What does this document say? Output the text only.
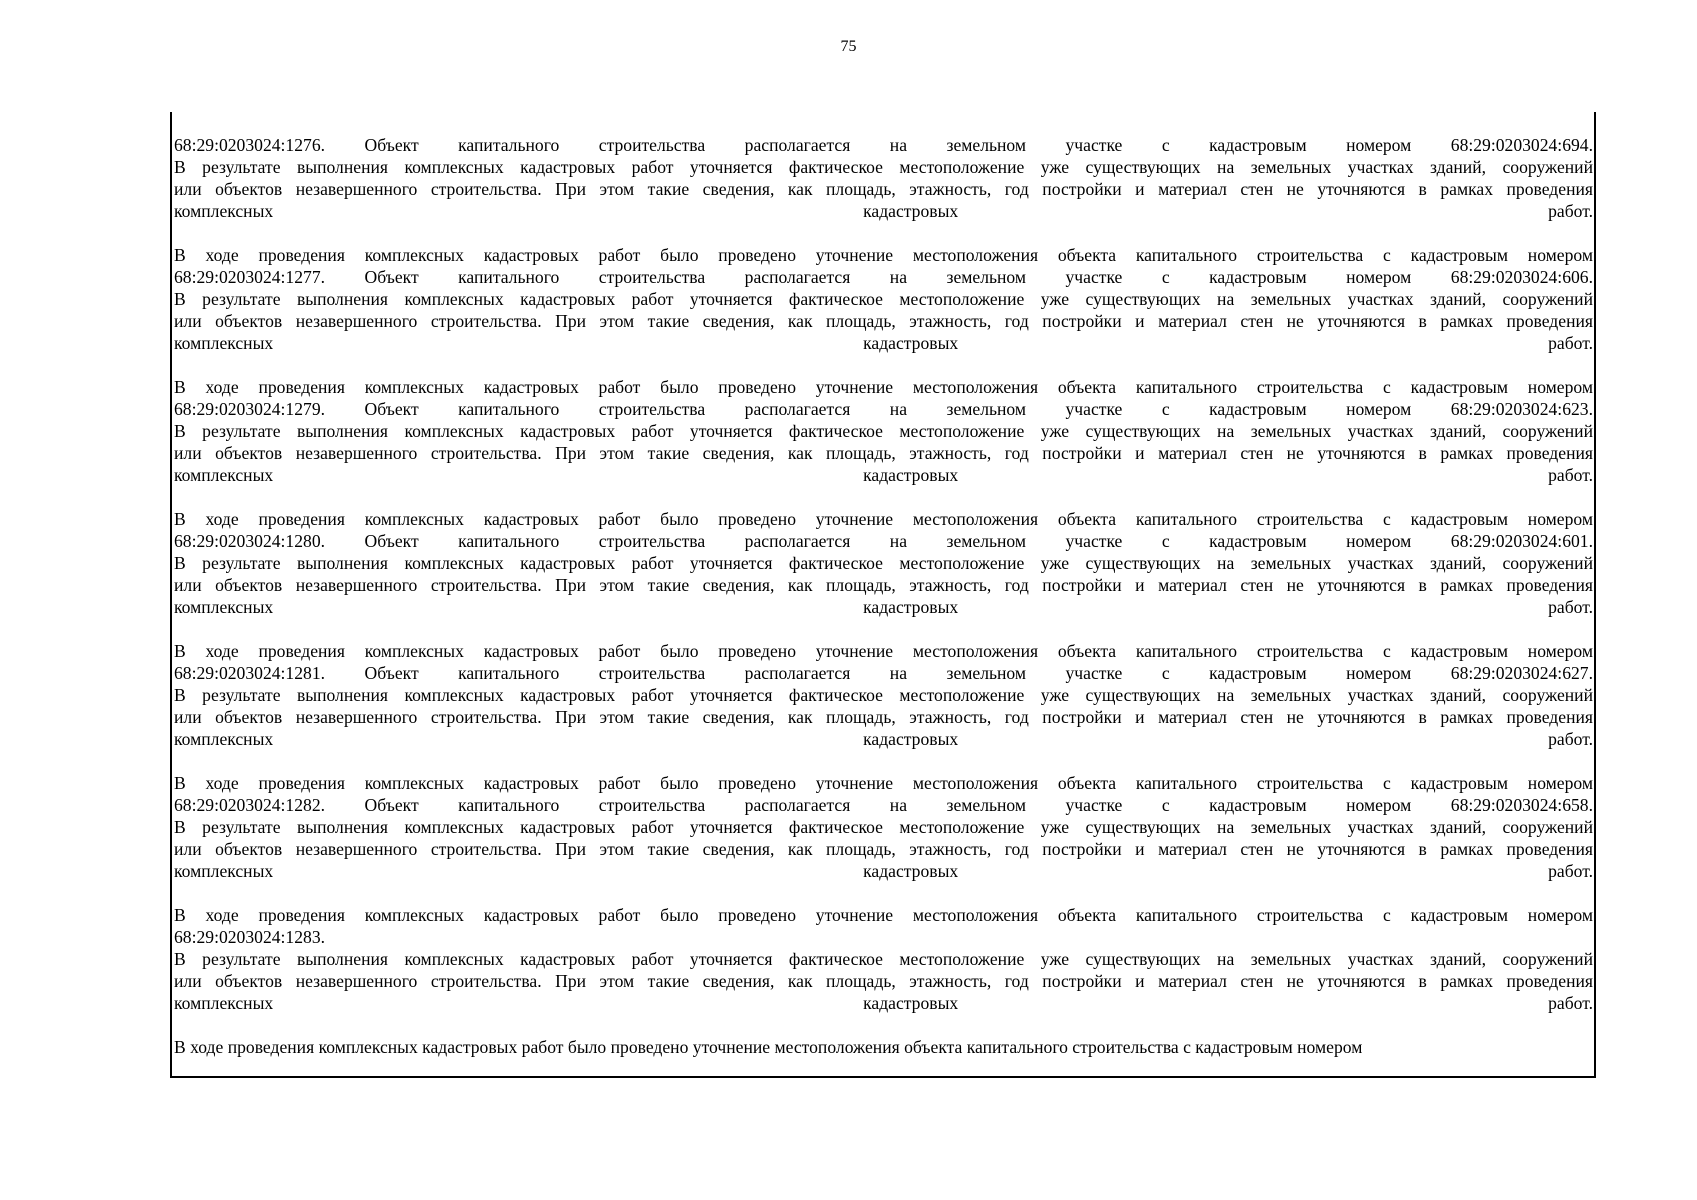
75
68:29:0203024:1276. Объект капитального строительства располагается на земельном участке с кадастровым номером 68:29:0203024:694.
В результате выполнения комплексных кадастровых работ уточняется фактическое местоположение уже существующих на земельных участках зданий, сооружений
или объектов незавершенного строительства. При этом такие сведения, как площадь, этажность, год постройки и материал стен не уточняются в рамках проведения
комплексных кадастровых работ.
В ходе проведения комплексных кадастровых работ было проведено уточнение местоположения объекта капитального строительства с кадастровым номером
68:29:0203024:1277. Объект капитального строительства располагается на земельном участке с кадастровым номером 68:29:0203024:606.
В результате выполнения комплексных кадастровых работ уточняется фактическое местоположение уже существующих на земельных участках зданий, сооружений
или объектов незавершенного строительства. При этом такие сведения, как площадь, этажность, год постройки и материал стен не уточняются в рамках проведения
комплексных кадастровых работ.
В ходе проведения комплексных кадастровых работ было проведено уточнение местоположения объекта капитального строительства с кадастровым номером
68:29:0203024:1279. Объект капитального строительства располагается на земельном участке с кадастровым номером 68:29:0203024:623.
В результате выполнения комплексных кадастровых работ уточняется фактическое местоположение уже существующих на земельных участках зданий, сооружений
или объектов незавершенного строительства. При этом такие сведения, как площадь, этажность, год постройки и материал стен не уточняются в рамках проведения
комплексных кадастровых работ.
В ходе проведения комплексных кадастровых работ было проведено уточнение местоположения объекта капитального строительства с кадастровым номером
68:29:0203024:1280. Объект капитального строительства располагается на земельном участке с кадастровым номером 68:29:0203024:601.
В результате выполнения комплексных кадастровых работ уточняется фактическое местоположение уже существующих на земельных участках зданий, сооружений
или объектов незавершенного строительства. При этом такие сведения, как площадь, этажность, год постройки и материал стен не уточняются в рамках проведения
комплексных кадастровых работ.
В ходе проведения комплексных кадастровых работ было проведено уточнение местоположения объекта капитального строительства с кадастровым номером
68:29:0203024:1281. Объект капитального строительства располагается на земельном участке с кадастровым номером 68:29:0203024:627.
В результате выполнения комплексных кадастровых работ уточняется фактическое местоположение уже существующих на земельных участках зданий, сооружений
или объектов незавершенного строительства. При этом такие сведения, как площадь, этажность, год постройки и материал стен не уточняются в рамках проведения
комплексных кадастровых работ.
В ходе проведения комплексных кадастровых работ было проведено уточнение местоположения объекта капитального строительства с кадастровым номером
68:29:0203024:1282. Объект капитального строительства располагается на земельном участке с кадастровым номером 68:29:0203024:658.
В результате выполнения комплексных кадастровых работ уточняется фактическое местоположение уже существующих на земельных участках зданий, сооружений
или объектов незавершенного строительства. При этом такие сведения, как площадь, этажность, год постройки и материал стен не уточняются в рамках проведения
комплексных кадастровых работ.
В ходе проведения комплексных кадастровых работ было проведено уточнение местоположения объекта капитального строительства с кадастровым номером
68:29:0203024:1283.
В результате выполнения комплексных кадастровых работ уточняется фактическое местоположение уже существующих на земельных участках зданий, сооружений
или объектов незавершенного строительства. При этом такие сведения, как площадь, этажность, год постройки и материал стен не уточняются в рамках проведения
комплексных кадастровых работ.
В ходе проведения комплексных кадастровых работ было проведено уточнение местоположения объекта капитального строительства с кадастровым номером
